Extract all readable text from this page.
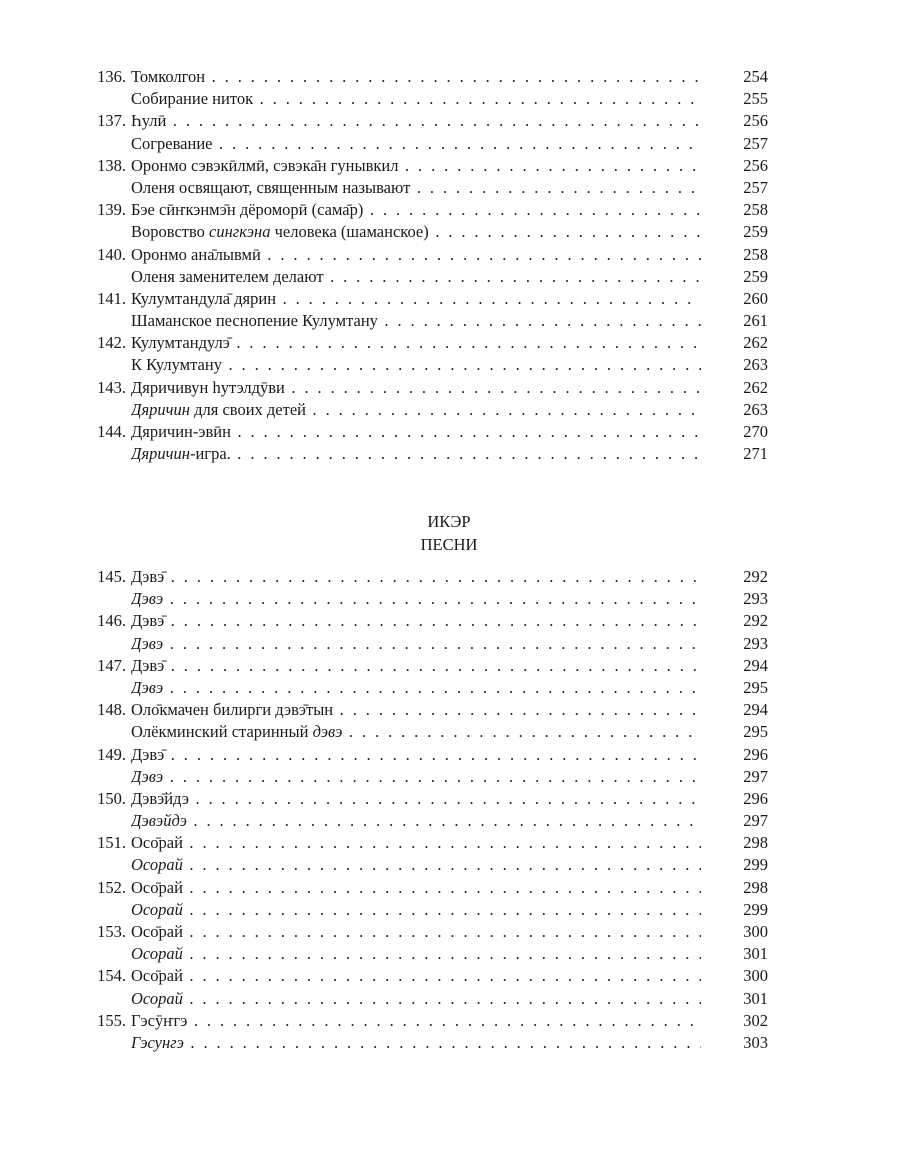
136. Томколгон . . .	254
Собирание ниток . . .	255
137. Һулӣ . . .	256
Согревание . . .	257
138. Оронмо сэвэкӣлмӣ, сэвэка̄н гунывкил . . .	256
Оленя освящают, священным называют . . .	257
139. Бэе сӣҥкэнмэ̄н дёроморӣ (сама̄р) . . .	258
Воровство сингкэна человека (шаманское) . . .	259
140. Оронмо ана̄лывмӣ . . .	258
Оленя заменителем делают . . .	259
141. Кулумтандула̄ дярин . . .	260
Шаманское песнопение Кулумтану . . .	261
142. Кулумтандулэ̄ . . .	262
К Кулумтану . . .	263
143. Дяричивун һутэлдӯви . . .	262
Дяричин для своих детей . . .	263
144. Дяричин-эвӣн . . .	270
Дяричин-игра. . . .	271
ИКЭР
ПЕСНИ
145. Дэвэ̄ . . .	292
Дэвэ . . .	293
146. Дэвэ̄ . . .	292
Дэвэ . . .	293
147. Дэвэ̄ . . .	294
Дэвэ . . .	295
148. Оло̄кмачен билирги дэвэ̄тын . . .	294
Олёкминский старинный дэвэ . . .	295
149. Дэвэ̄ . . .	296
Дэвэ . . .	297
150. Дэвэ̄йдэ . . .	296
Дэвэйдэ . . .	297
151. Осо̄рай . . .	298
Осорай . . .	299
152. Осо̄рай . . .	298
Осорай . . .	299
153. Осо̄рай . . .	300
Осорай . . .	301
154. Осо̄рай . . .	300
Осорай . . .	301
155. Гэсӯҥгэ . . .	302
Гэсунгэ . . .	303
